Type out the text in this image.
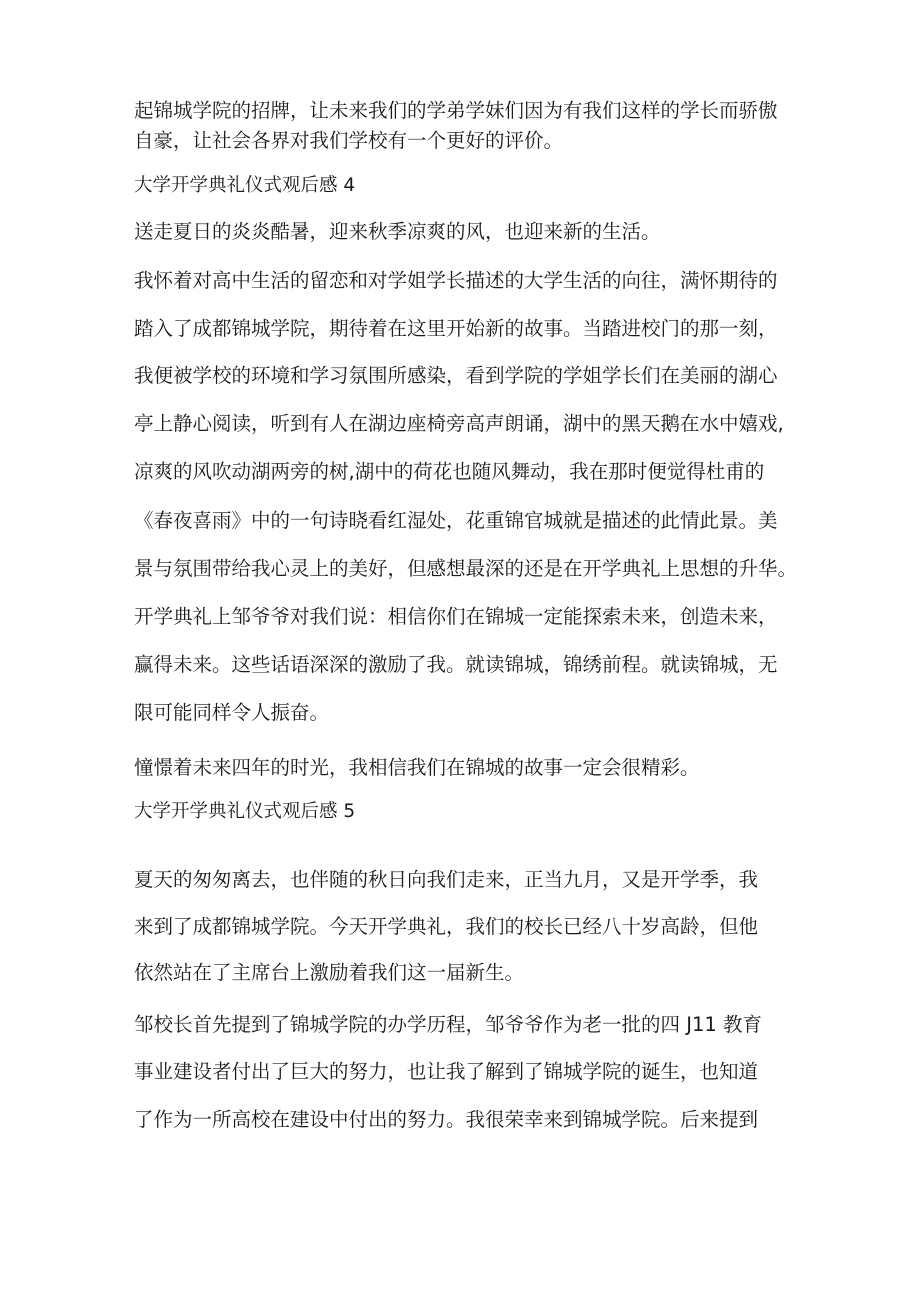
起锦城学院的招牌，让未来我们的学弟学妹们因为有我们这样的学长而骄傲
自豪，让社会各界对我们学校有一个更好的评价。
大学开学典礼仪式观后感 4
送走夏日的炎炎酷暑，迎来秋季凉爽的风，也迎来新的生活。
我怀着对高中生活的留恋和对学姐学长描述的大学生活的向往，满怀期待的
踏入了成都锦城学院，期待着在这里开始新的故事。当踏进校门的那一刻，
我便被学校的环境和学习氛围所感染，看到学院的学姐学长们在美丽的湖心
亭上静心阅读，听到有人在湖边座椅旁高声朗诵，湖中的黑天鹅在水中嬉戏,
凉爽的风吹动湖两旁的树,湖中的荷花也随风舞动，我在那时便觉得杜甫的
《春夜喜雨》中的一句诗晓看红湿处，花重锦官城就是描述的此情此景。美
景与氛围带给我心灵上的美好，但感想最深的还是在开学典礼上思想的升华。
开学典礼上邹爷爷对我们说：相信你们在锦城一定能探索未来，创造未来，
赢得未来。这些话语深深的激励了我。就读锦城，锦绣前程。就读锦城，无
限可能同样令人振奋。
憧憬着未来四年的时光，我相信我们在锦城的故事一定会很精彩。
大学开学典礼仪式观后感 5
夏天的匆匆离去，也伴随的秋日向我们走来，正当九月，又是开学季，我
来到了成都锦城学院。今天开学典礼，我们的校长已经八十岁高龄，但他
依然站在了主席台上激励着我们这一届新生。
邹校长首先提到了锦城学院的办学历程，邹爷爷作为老一批的四 J11 教育
事业建设者付出了巨大的努力，也让我了解到了锦城学院的诞生，也知道
了作为一所高校在建设中付出的努力。我很荣幸来到锦城学院。后来提到
